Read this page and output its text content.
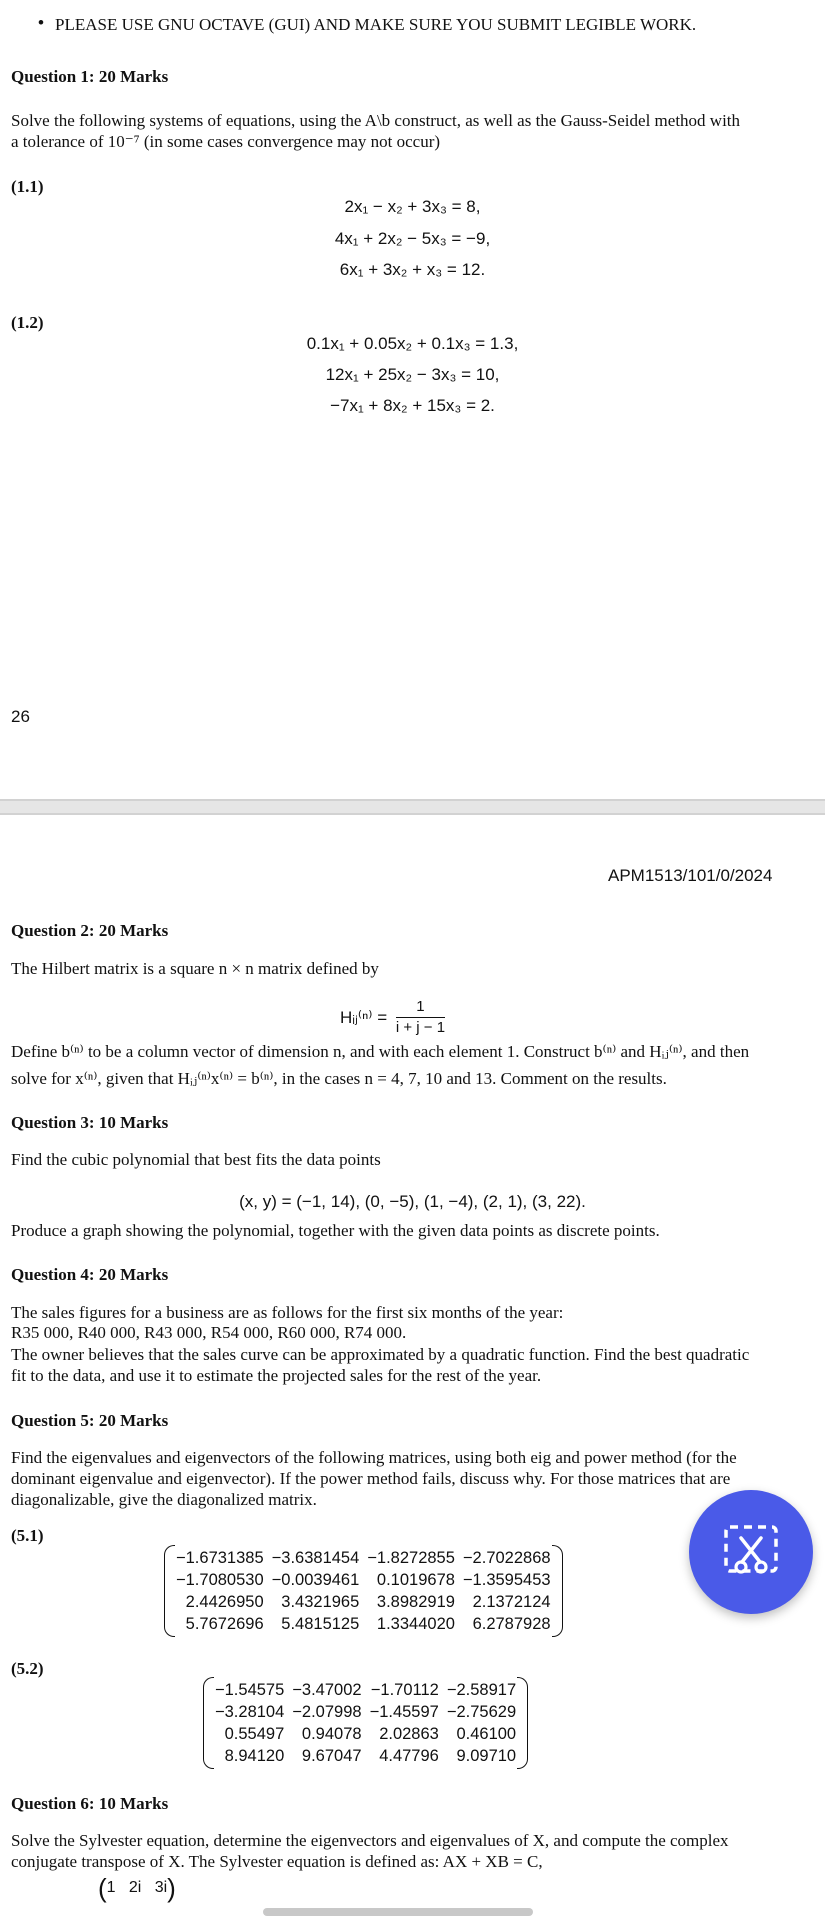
• PLEASE USE GNU OCTAVE (GUI) AND MAKE SURE YOU SUBMIT LEGIBLE WORK.
Question 1: 20 Marks
Solve the following systems of equations, using the A\b construct, as well as the Gauss-Seidel method with
a tolerance of 10⁻⁷ (in some cases convergence may not occur)
(1.1)
2x₁ − x₂ + 3x₃ = 8,
4x₁ + 2x₂ − 5x₃ = −9,
6x₁ + 3x₂ + x₃ = 12.
(1.2)
0.1x₁ + 0.05x₂ + 0.1x₃ = 1.3,
12x₁ + 25x₂ − 3x₃ = 10,
−7x₁ + 8x₂ + 15x₃ = 2.
26
APM1513/101/0/2024
Question 2: 20 Marks
The Hilbert matrix is a square n × n matrix defined by
Hᵢⱼ⁽ⁿ⁾ = $\frac{1}{i + j - 1}$
Define b⁽ⁿ⁾ to be a column vector of dimension n, and with each element 1. Construct b⁽ⁿ⁾ and Hᵢⱼ⁽ⁿ⁾, and then
solve for x⁽ⁿ⁾, given that Hᵢⱼ⁽ⁿ⁾x⁽ⁿ⁾ = b⁽ⁿ⁾, in the cases n = 4, 7, 10 and 13. Comment on the results.
Question 3: 10 Marks
Find the cubic polynomial that best fits the data points
(x, y) = (−1, 14), (0, −5), (1, −4), (2, 1), (3, 22).
Produce a graph showing the polynomial, together with the given data points as discrete points.
Question 4: 20 Marks
The sales figures for a business are as follows for the first six months of the year:
R35 000, R40 000, R43 000, R54 000, R60 000, R74 000.
The owner believes that the sales curve can be approximated by a quadratic function. Find the best quadratic
fit to the data, and use it to estimate the projected sales for the rest of the year.
Question 5: 20 Marks
Find the eigenvalues and eigenvectors of the following matrices, using both eig and power method (for the
dominant eigenvalue and eigenvector). If the power method fails, discuss why. For those matrices that are
diagonalizable, give the diagonalized matrix.
(5.1)
−1.6731385	−3.6381454	−1.8272855	−2.7022868
−1.7080530	−0.0039461	0.1019678	−1.3595453
2.4426950	3.4321965	3.8982919	2.1372124
5.7672696	5.4815125	1.3344020	6.2787928
(5.2)
−1.54575	−3.47002	−1.70112	−2.58917
−3.28104	−2.07998	−1.45597	−2.75629
0.55497	0.94078	2.02863	0.46100
8.94120	9.67047	4.47796	9.09710
Question 6: 10 Marks
Solve the Sylvester equation, determine the eigenvectors and eigenvalues of X, and compute the complex
conjugate transpose of X. The Sylvester equation is defined as: AX + XB = C,
(1   2i   3i)
